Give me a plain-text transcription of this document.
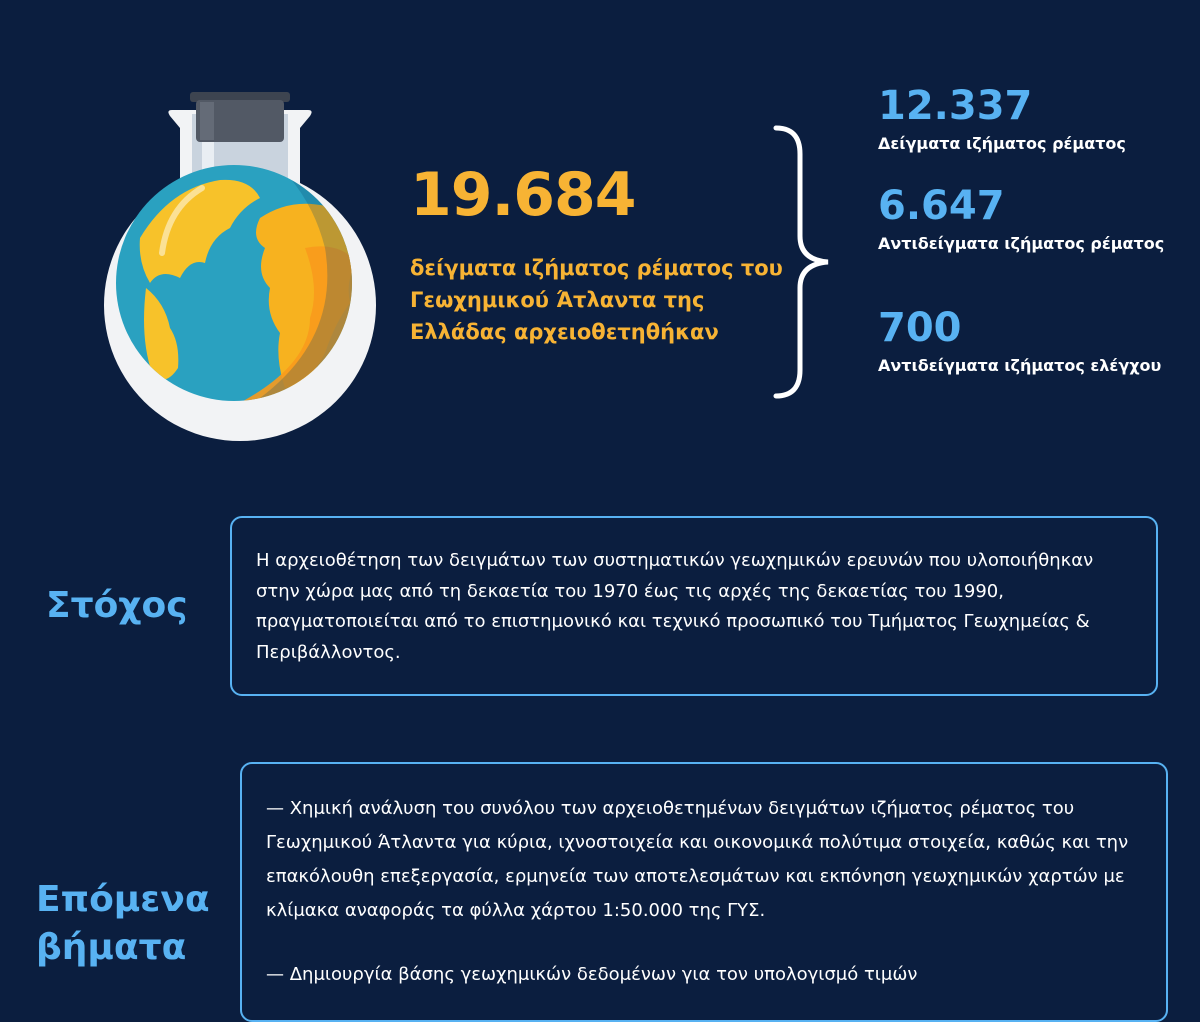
19.684

δείγματα ιζήματος ρέματος του Γεωχημικού Άτλαντα της Ελλάδας αρχειοθετηθήκαν
12.337
Δείγματα ιζήματος ρέματος
6.647
Αντιδείγματα ιζήματος ρέματος
700
Αντιδείγματα ιζήματος ελέγχου
Στόχος

Η αρχειοθέτηση των δειγμάτων των συστηματικών γεωχημικών ερευνών που υλοποιήθηκαν στην χώρα μας από τη δεκαετία του 1970 έως τις αρχές της δεκαετίας του 1990, πραγματοποιείται από το επιστημονικό και τεχνικό προσωπικό του Τμήματος Γεωχημείας & Περιβάλλοντος.

Επόμενα
βήματα

— Χημική ανάλυση του συνόλου των αρχειοθετημένων δειγμάτων ιζήματος ρέματος του Γεωχημικού Άτλαντα για κύρια, ιχνοστοιχεία και οικονομικά πολύτιμα στοιχεία, καθώς και την επακόλουθη επεξεργασία, ερμηνεία των αποτελεσμάτων και εκπόνηση γεωχημικών χαρτών με κλίμακα αναφοράς τα φύλλα χάρτου 1:50.000 της ΓΥΣ.

— Δημιουργία βάσης γεωχημικών δεδομένων για τον υπολογισμό τιμών
